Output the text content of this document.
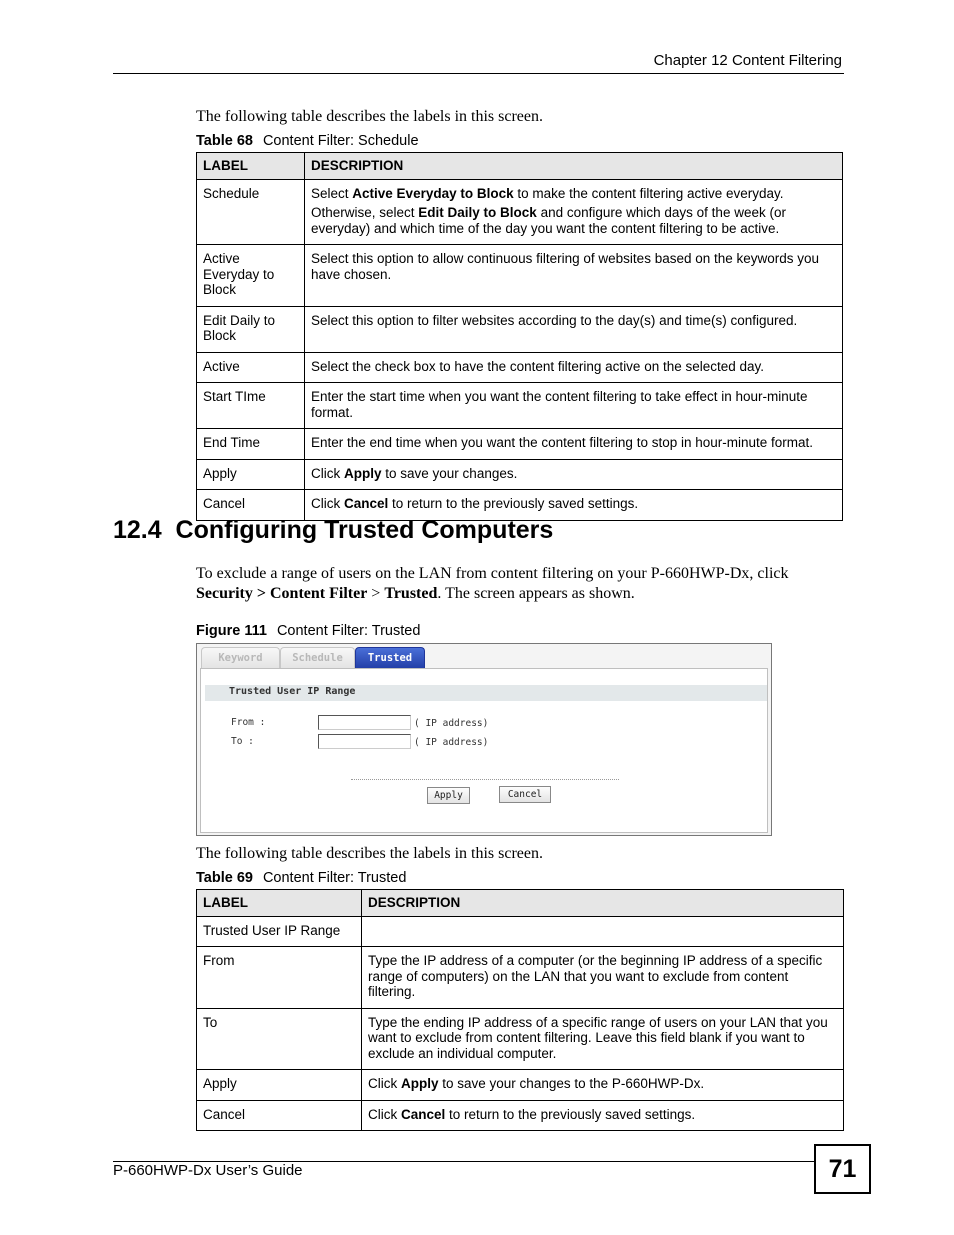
Chapter 12 Content Filtering
The following table describes the labels in this screen.
Table 68 Content Filter: Schedule
LABEL	DESCRIPTION
Schedule	Select Active Everyday to Block to make the content filtering active everyday.

Otherwise, select Edit Daily to Block and configure which days of the week (or everyday) and which time of the day you want the content filtering to be active.

Active Everyday to Block	Select this option to allow continuous filtering of websites based on the keywords you have chosen.
Edit Daily to Block	Select this option to filter websites according to the day(s) and time(s) configured.
Active	Select the check box to have the content filtering active on the selected day.
Start TIme	Enter the start time when you want the content filtering to take effect in hour-minute format.
End Time	Enter the end time when you want the content filtering to stop in hour-minute format.
Apply	Click Apply to save your changes.
Cancel	Click Cancel to return to the previously saved settings.
12.4  Configuring Trusted Computers
To exclude a range of users on the LAN from content filtering on your P-660HWP-Dx, click Security > Content Filter > Trusted. The screen appears as shown.
Figure 111 Content Filter: Trusted
Keyword	Schedule	Trusted
Trusted User IP Range
From :	( IP address)
To :	( IP address)
Apply	Cancel
The following table describes the labels in this screen.
Table 69 Content Filter: Trusted
LABEL	DESCRIPTION
Trusted User IP Range	
From	Type the IP address of a computer (or the beginning IP address of a specific range of computers) on the LAN that you want to exclude from content filtering.
To	Type the ending IP address of a specific range of users on your LAN that you want to exclude from content filtering. Leave this field blank if you want to exclude an individual computer.
Apply	Click Apply to save your changes to the P-660HWP-Dx.
Cancel	Click Cancel to return to the previously saved settings.
P-660HWP-Dx User’s Guide	71
